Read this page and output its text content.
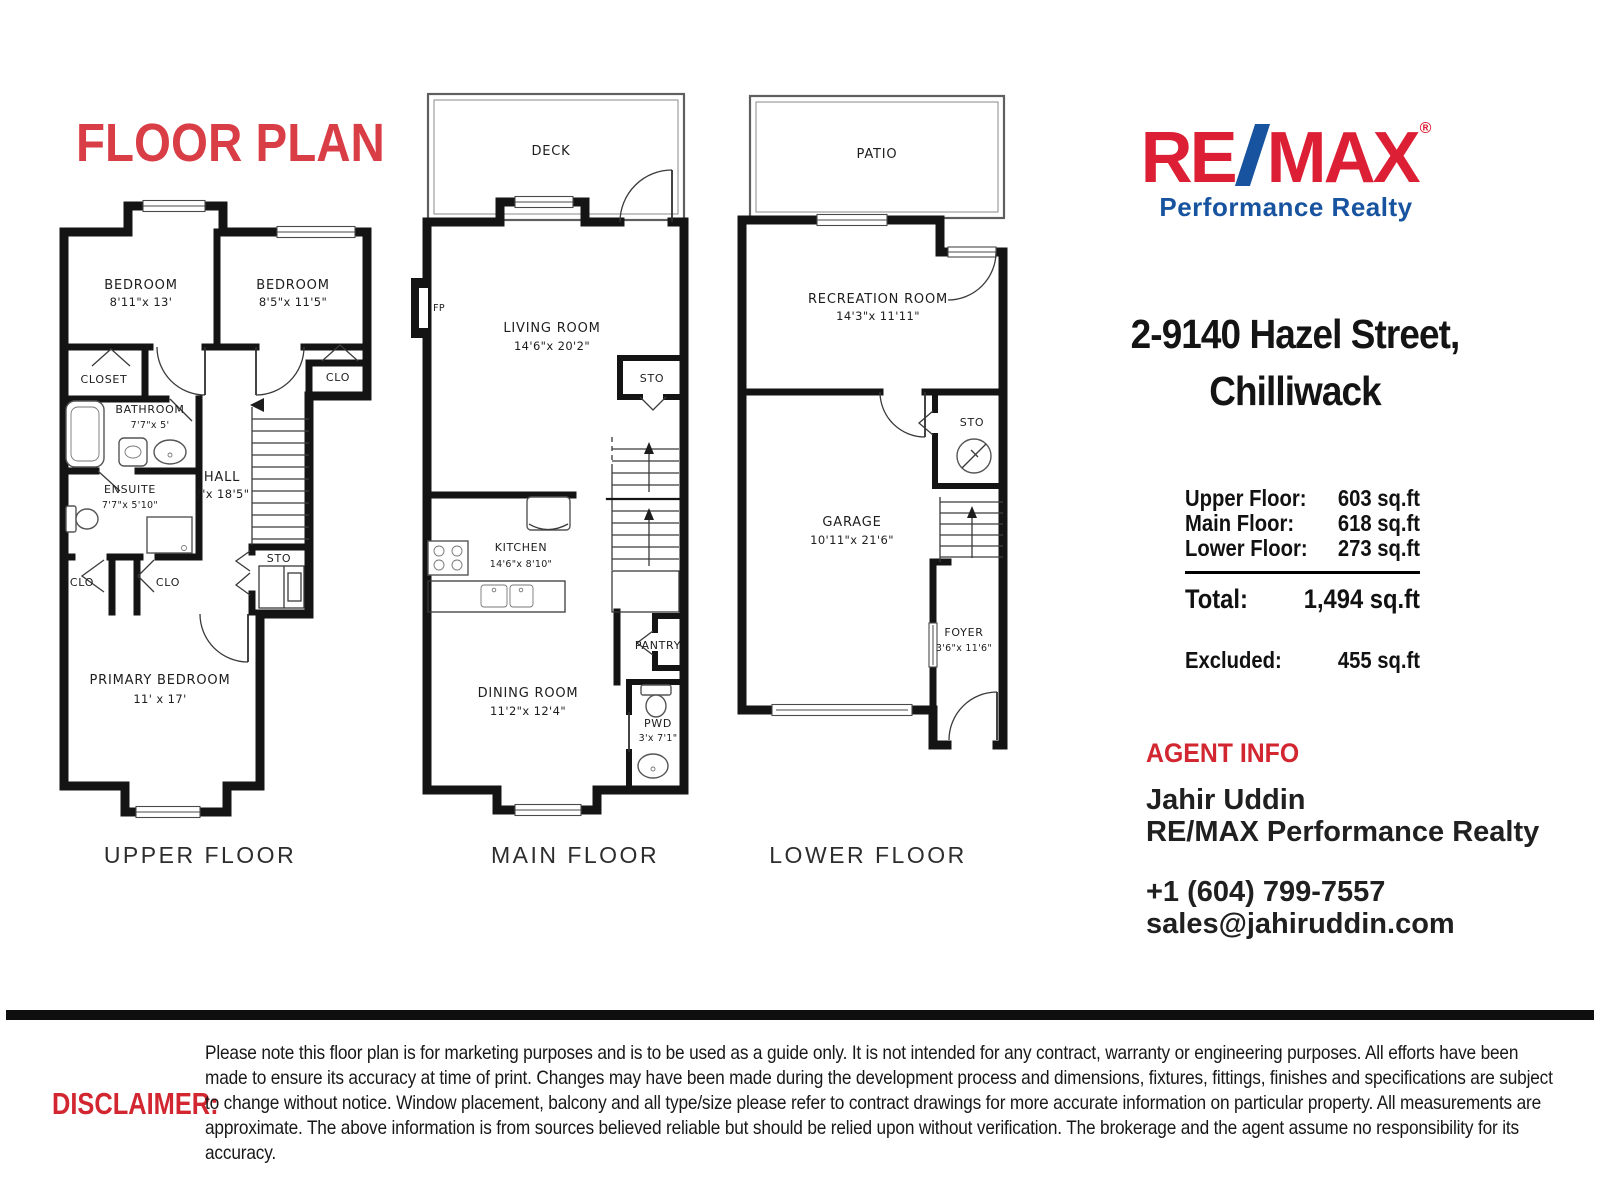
FLOOR PLAN
BEDROOM
8'11"x 13'
BEDROOM
8'5"x 11'5"
CLOSET
BATHROOM
7'7"x 5'
ENSUITE
7'7"x 5'10"
HALL
7'x 18'5"
CLO
STO
CLO	CLO
PRIMARY BEDROOM
11' x 17'
DECK
FP
LIVING ROOM
14'6"x 20'2"
STO
KITCHEN
14'6"x 8'10"
PANTRY
DINING ROOM
11'2"x 12'4"
PWD
3'x 7'1"
PATIO
RECREATION ROOM
14'3"x 11'11"
STO
GARAGE
10'11"x 21'6"
FOYER
3'6"x 11'6"
UPPER FLOOR	MAIN FLOOR	LOWER FLOOR
RE MAX ®
Performance Realty
2-9140 Hazel Street,
Chilliwack
Upper Floor: 603 sq.ft
Main Floor: 618 sq.ft
Lower Floor: 273 sq.ft
Total: 1,494 sq.ft
Excluded: 455 sq.ft
AGENT INFO
Jahir Uddin
RE/MAX Performance Realty
+1 (604) 799-7557
sales@jahiruddin.com
DISCLAIMER:
Please note this floor plan is for marketing purposes and is to be used as a guide only. It is not intended for any contract, warranty or engineering purposes. All efforts have been made to ensure its accuracy at time of print. Changes may have been made during the development process and dimensions, fixtures, fittings, finishes and specifications are subject to change without notice. Window placement, balcony and all type/size please refer to contract drawings for more accurate information on particular property. All measurements are approximate. The above information is from sources believed reliable but should be relied upon without verification. The brokerage and the agent assume no responsibility for its accuracy.
